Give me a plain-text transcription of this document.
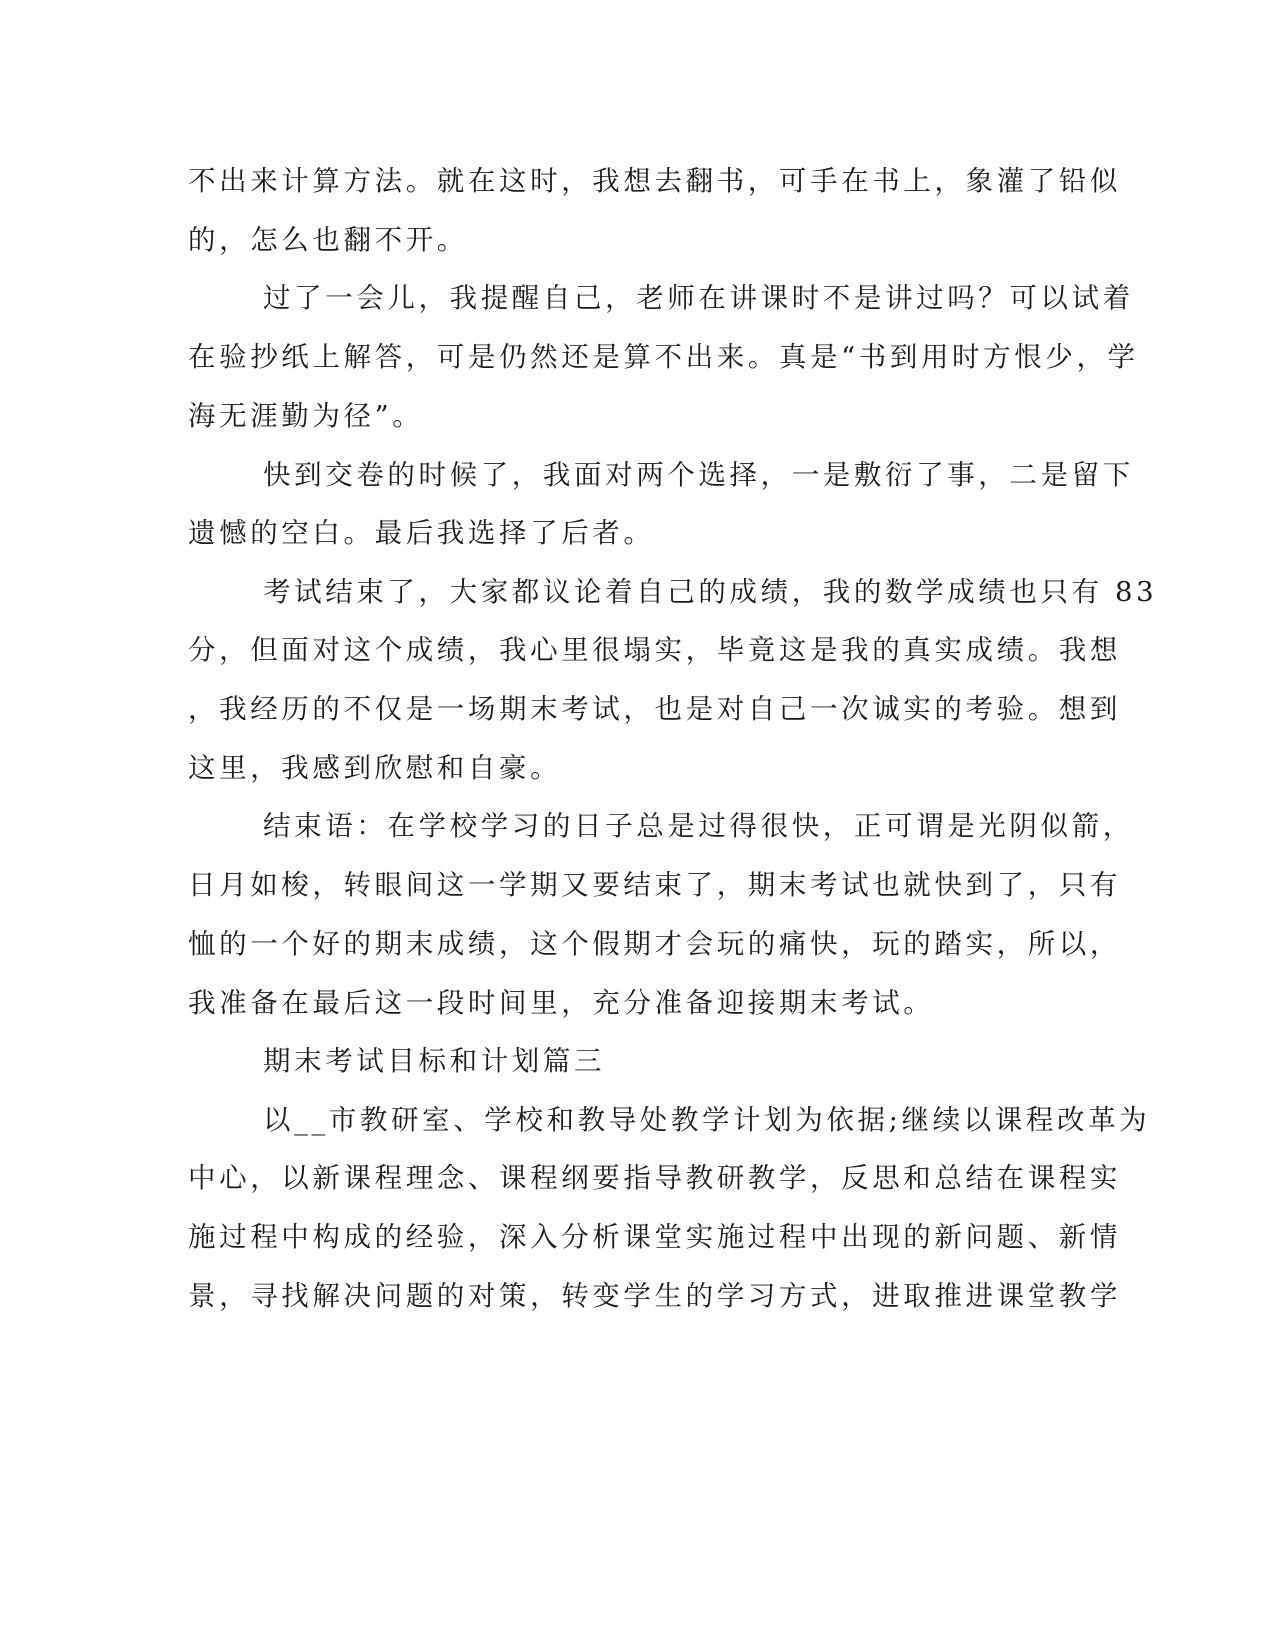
不出来计算方法。就在这时，我想去翻书，可手在书上，象灌了铅似

的，怎么也翻不开。

过了一会儿，我提醒自己，老师在讲课时不是讲过吗？可以试着

在验抄纸上解答，可是仍然还是算不出来。真是“书到用时方恨少，学

海无涯勤为径”。

快到交卷的时候了，我面对两个选择，一是敷衍了事，二是留下

遗憾的空白。最后我选择了后者。

考试结束了，大家都议论着自己的成绩，我的数学成绩也只有 83

分，但面对这个成绩，我心里很塌实，毕竟这是我的真实成绩。我想

，我经历的不仅是一场期末考试，也是对自己一次诚实的考验。想到

这里，我感到欣慰和自豪。

结束语：在学校学习的日子总是过得很快，正可谓是光阴似箭，

日月如梭，转眼间这一学期又要结束了，期末考试也就快到了，只有

恤的一个好的期末成绩，这个假期才会玩的痛快，玩的踏实，所以，

我准备在最后这一段时间里，充分准备迎接期末考试。

期末考试目标和计划篇三

以__市教研室、学校和教导处教学计划为依据;继续以课程改革为

中心，以新课程理念、课程纲要指导教研教学，反思和总结在课程实

施过程中构成的经验，深入分析课堂实施过程中出现的新问题、新情

景，寻找解决问题的对策，转变学生的学习方式，进取推进课堂教学
